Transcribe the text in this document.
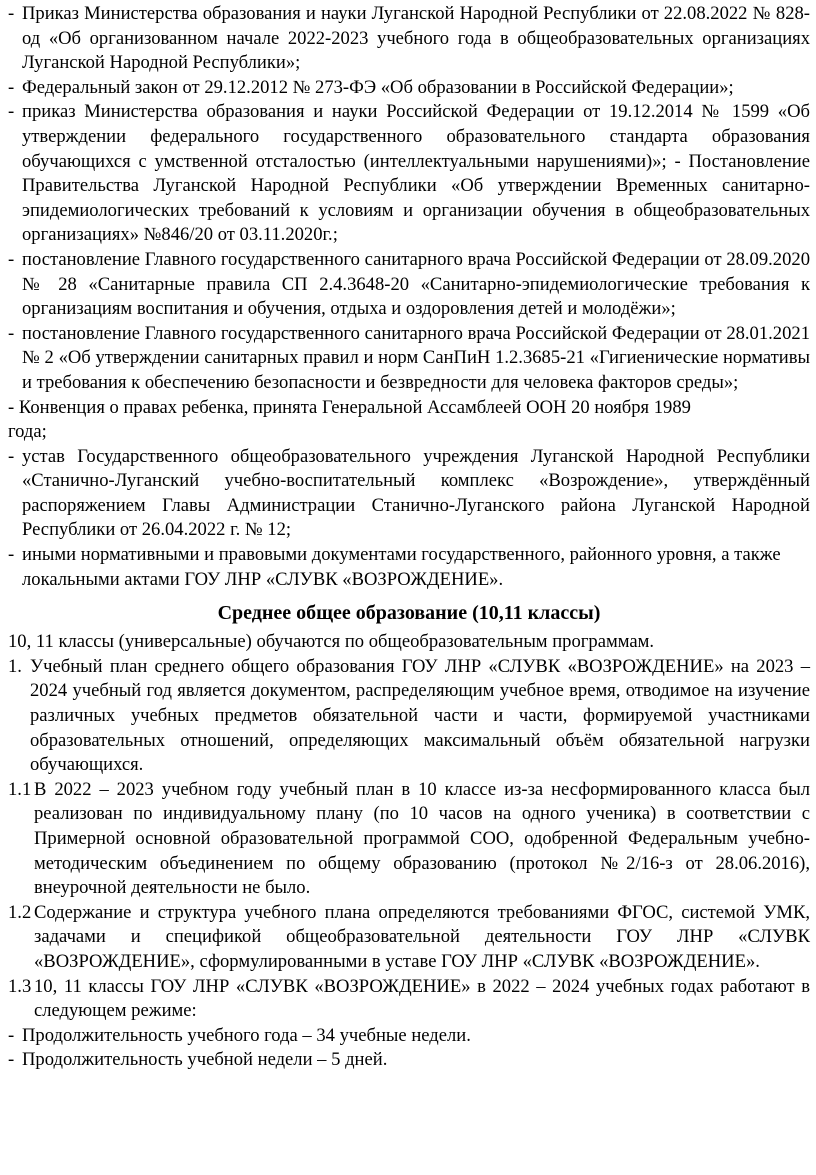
- Приказ Министерства образования и науки Луганской Народной Республики от 22.08.2022 № 828-од «Об организованном начале 2022-2023 учебного года в общеобразовательных организациях Луганской Народной Республики»;
- Федеральный закон от 29.12.2012 № 273-ФЭ «Об образовании в Российской Федерации»;
- приказ Министерства образования и науки Российской Федерации от 19.12.2014 № 1599 «Об утверждении федерального государственного образовательного стандарта образования обучающихся с умственной отсталостью (интеллектуальными нарушениями)»; - Постановление Правительства Луганской Народной Республики «Об утверждении Временных санитарно-эпидемиологических требований к условиям и организации обучения в общеобразовательных организациях» №846/20 от 03.11.2020г.;
- постановление Главного государственного санитарного врача Российской Федерации от 28.09.2020 № 28 «Санитарные правила СП 2.4.3648-20 «Санитарно-эпидемиологические требования к организациям воспитания и обучения, отдыха и оздоровления детей и молодёжи»;
- постановление Главного государственного санитарного врача Российской Федерации от 28.01.2021 № 2 «Об утверждении санитарных правил и норм СанПиН 1.2.3685-21 «Гигиенические нормативы и требования к обеспечению безопасности и безвредности для человека факторов среды»;

- Конвенция о правах ребенка, принята Генеральной Ассамблеей ООН 20 ноября 1989

года;

- устав Государственного общеобразовательного учреждения Луганской Народной Республики «Станично-Луганский учебно-воспитательный комплекс «Возрождение», утверждённый распоряжением Главы Администрации Станично-Луганского района Луганской Народной Республики от 26.04.2022 г. № 12;
- иными нормативными и правовыми документами государственного, районного уровня, а также локальными актами ГОУ ЛНР «СЛУВК «ВОЗРОЖДЕНИЕ».
Среднее общее образование (10,11 классы)

10, 11 классы (универсальные) обучаются по общеобразовательным программам.

1. Учебный план среднего общего образования ГОУ ЛНР «СЛУВК «ВОЗРОЖДЕНИЕ» на 2023 – 2024 учебный год является документом, распределяющим учебное время, отводимое на изучение различных учебных предметов обязательной части и части, формируемой участниками образовательных отношений, определяющих максимальный объём обязательной нагрузки обучающихся.
1.1 В 2022 – 2023 учебном году учебный план в 10 классе из-за несформированного класса был реализован по индивидуальному плану (по 10 часов на одного ученика) в соответствии с Примерной основной образовательной программой СОО, одобренной Федеральным учебно-методическим объединением по общему образованию (протокол №2/16-з от 28.06.2016), внеурочной деятельности не было.
1.2 Содержание и структура учебного плана определяются требованиями ФГОС, системой УМК, задачами и спецификой общеобразовательной деятельности ГОУ ЛНР «СЛУВК «ВОЗРОЖДЕНИЕ», сформулированными в уставе ГОУ ЛНР «СЛУВК «ВОЗРОЖДЕНИЕ».
1.3 10, 11 классы ГОУ ЛНР «СЛУВК «ВОЗРОЖДЕНИЕ» в 2022 – 2024 учебных годах работают в следующем режиме:
- Продолжительность учебного года – 34 учебные недели.
- Продолжительность учебной недели – 5 дней.
